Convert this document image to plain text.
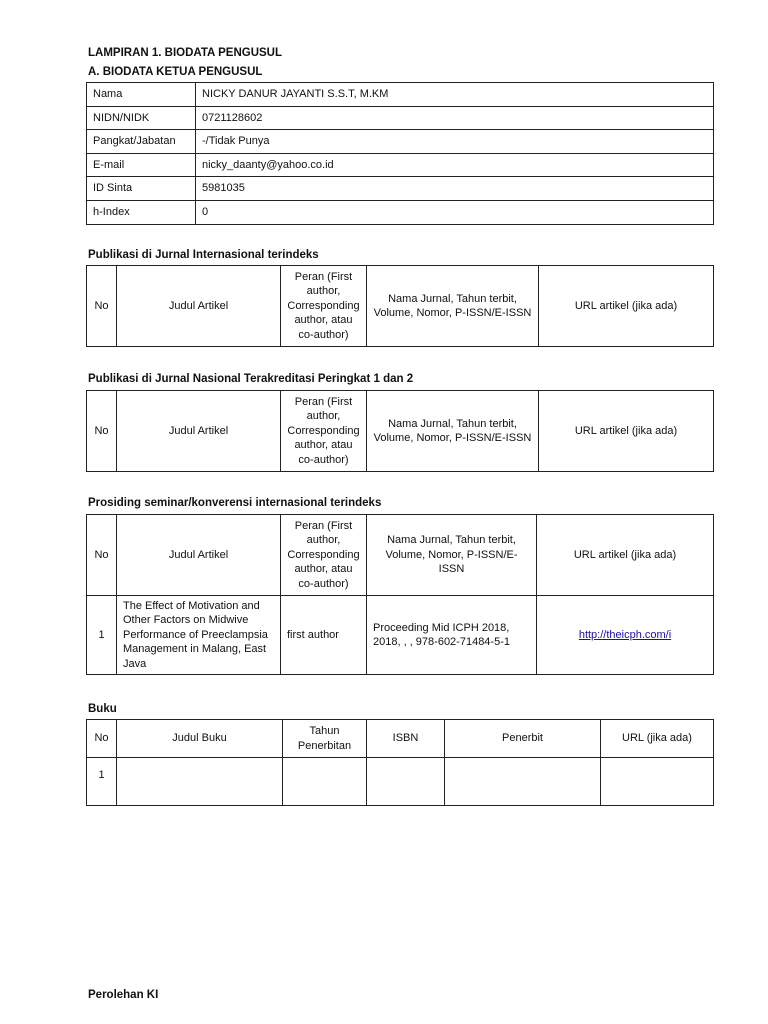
LAMPIRAN 1. BIODATA PENGUSUL
A. BIODATA KETUA PENGUSUL
Nama	NICKY DANUR JAYANTI S.S.T, M.KM
NIDN/NIDK	0721128602
Pangkat/Jabatan	-/Tidak Punya
E-mail	nicky_daanty@yahoo.co.id
ID Sinta	5981035
h-Index	0
Publikasi di Jurnal Internasional terindeks
No	Judul Artikel	Peran (First author, Corresponding author, atau co-author)	Nama Jurnal, Tahun terbit, Volume, Nomor, P-ISSN/E-ISSN	URL artikel (jika ada)
Publikasi di Jurnal Nasional Terakreditasi Peringkat 1 dan 2
No	Judul Artikel	Peran (First author, Corresponding author, atau co-author)	Nama Jurnal, Tahun terbit, Volume, Nomor, P-ISSN/E-ISSN	URL artikel (jika ada)
Prosiding seminar/konverensi internasional terindeks
No	Judul Artikel	Peran (First author, Corresponding author, atau co-author)	Nama Jurnal, Tahun terbit, Volume, Nomor, P-ISSN/E-ISSN	URL artikel (jika ada)
1	The Effect of Motivation and Other Factors on Midwive Performance of Preeclampsia Management in Malang, East Java	first author	Proceeding Mid ICPH 2018, 2018, , , 978-602-71484-5-1	http://theicph.com/i
Buku
No	Judul Buku	Tahun Penerbitan	ISBN	Penerbit	URL (jika ada)
1					
Perolehan KI
